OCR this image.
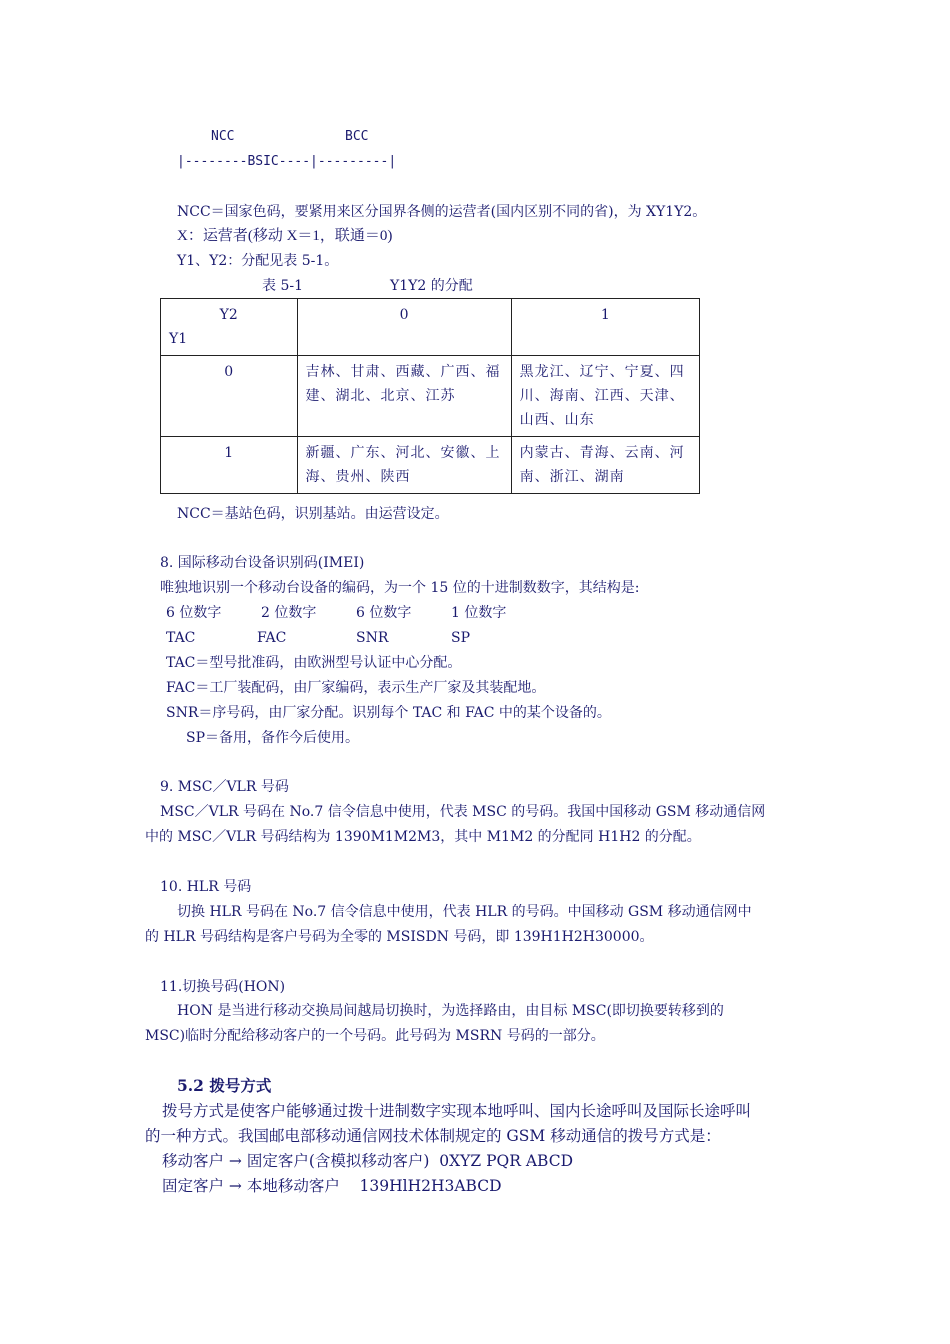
NCC	BCC
|--------BSIC----|---------|
NCC＝国家色码，要紧用来区分国界各侧的运营者(国内区别不同的省)，为 XY1Y2。
X：运营者(移动 X＝1，联通＝0)
Y1、Y2：分配见表 5-1。
表 5-1	Y1Y2 的分配
Y2
Y1	0	1
0	吉林、甘肃、西藏、广西、福建、湖北、北京、江苏	黑龙江、辽宁、宁夏、四川、海南、江西、天津、山西、山东
1	新疆、广东、河北、安徽、上海、贵州、陕西	内蒙古、青海、云南、河南、浙江、湖南
NCC＝基站色码，识别基站。由运营设定。
8. 国际移动台设备识别码(IMEI)
唯独地识别一个移动台设备的编码，为一个 15 位的十进制数数字，其结构是:
6 位数字	2 位数字	6 位数字	1 位数字
TAC	FAC	SNR	SP
TAC＝型号批准码，由欧洲型号认证中心分配。
FAC＝工厂装配码，由厂家编码，表示生产厂家及其装配地。
SNR＝序号码，由厂家分配。识别每个 TAC 和 FAC 中的某个设备的。
SP＝备用，备作今后使用。
9. MSC／VLR 号码
MSC／VLR 号码在 No.7 信令信息中使用，代表 MSC 的号码。我国中国移动 GSM 移动通信网
中的 MSC／VLR 号码结构为 1390M1M2M3，其中 M1M2 的分配同 H1H2 的分配。
10. HLR 号码
切换 HLR 号码在 No.7 信令信息中使用，代表 HLR 的号码。中国移动 GSM 移动通信网中
的 HLR 号码结构是客户号码为全零的 MSISDN 号码，即 139H1H2H30000。
11.切换号码(HON)
HON 是当进行移动交换局间越局切换时，为选择路由，由目标 MSC(即切换要转移到的
MSC)临时分配给移动客户的一个号码。此号码为 MSRN 号码的一部分。
5.2 拨号方式
拨号方式是使客户能够通过拨十进制数字实现本地呼叫、国内长途呼叫及国际长途呼叫
的一种方式。我国邮电部移动通信网技术体制规定的 GSM 移动通信的拨号方式是：
移动客户 → 固定客户(含模拟移动客户)  0XYZ PQR ABCD
固定客户 → 本地移动客户    139HlH2H3ABCD
